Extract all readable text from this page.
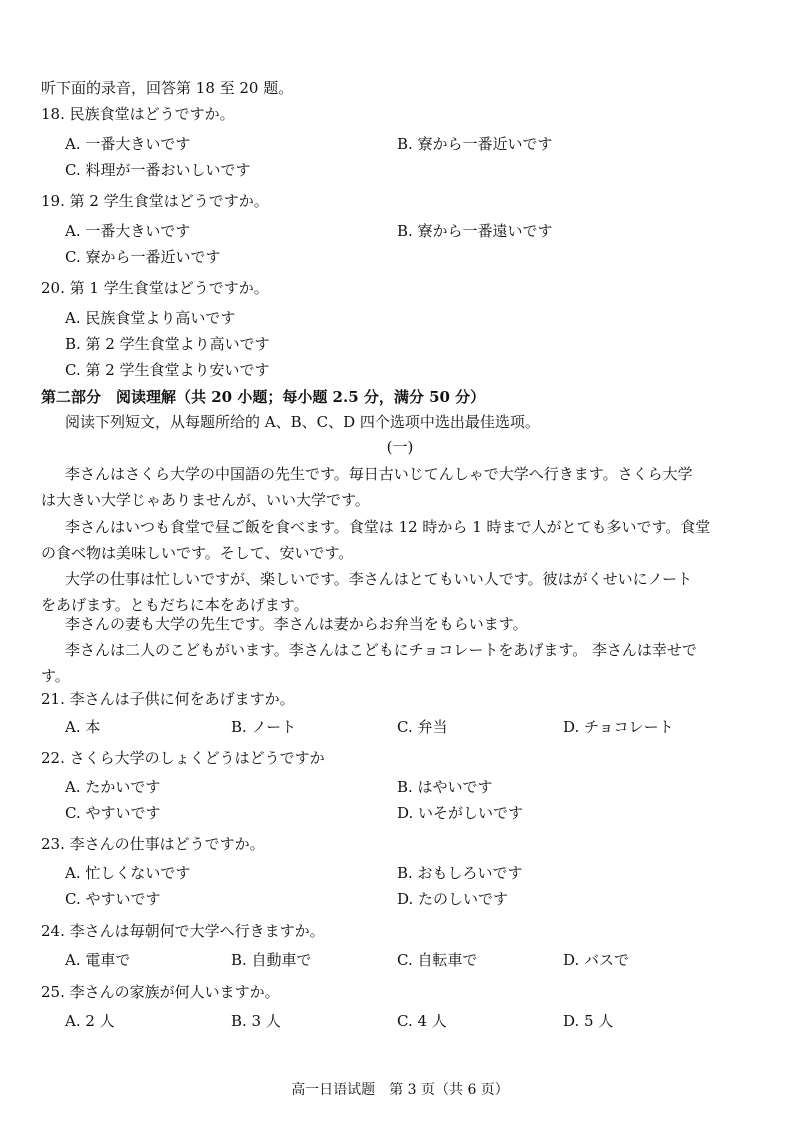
听下面的录音，回答第 18 至 20 题。
18. 民族食堂はどうですか。
A. 一番大きいです	B. 寮から一番近いです
C. 料理が一番おいしいです
19. 第 2 学生食堂はどうですか。
A. 一番大きいです	B. 寮から一番遠いです
C. 寮から一番近いです
20. 第 1 学生食堂はどうですか。
A. 民族食堂より高いです
B. 第 2 学生食堂より高いです
C. 第 2 学生食堂より安いです
第二部分　阅读理解（共 20 小题；每小题 2.5 分，满分 50 分）
阅读下列短文，从每题所给的 A、B、C、D 四个选项中选出最佳选项。
(一)
李さんはさくら大学の中国語の先生です。毎日古いじてんしゃで大学へ行きます。さくら大学
は大きい大学じゃありませんが、いい大学です。
李さんはいつも食堂で昼ご飯を食べます。食堂は 12 時から 1 時まで人がとても多いです。食堂
の食べ物は美味しいです。そして、安いです。
大学の仕事は忙しいですが、楽しいです。李さんはとてもいい人です。彼はがくせいにノート
をあげます。ともだちに本をあげます。
李さんの妻も大学の先生です。李さんは妻からお弁当をもらいます。
李さんは二人のこどもがいます。李さんはこどもにチョコレートをあげます。 李さんは幸せで
す。
21. 李さんは子供に何をあげますか。
A. 本	B. ノート	C. 弁当	D. チョコレート
22. さくら大学のしょくどうはどうですか
A. たかいです	B. はやいです
C. やすいです	D. いそがしいです
23. 李さんの仕事はどうですか。
A. 忙しくないです	B. おもしろいです
C. やすいです	D. たのしいです
24. 李さんは毎朝何で大学へ行きますか。
A. 電車で	B. 自動車で	C. 自転車で	D. バスで
25. 李さんの家族が何人いますか。
A. 2 人	B. 3 人	C. 4 人	D. 5 人
高一日语试题　第 3 页（共 6 页）
